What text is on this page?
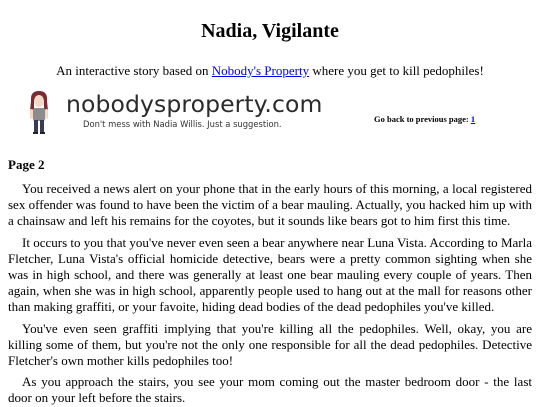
Nadia, Vigilante

An interactive story based on Nobody's Property where you get to kill pedophiles!

nobodysproperty.com
Don't mess with Nadia Willis. Just a suggestion.	Go back to previous page: 1
Page 2

You received a news alert on your phone that in the early hours of this morning, a local registered sex offender was found to have been the victim of a bear mauling. Actually, you hacked him up with a chainsaw and left his remains for the coyotes, but it sounds like bears got to him first this time.

It occurs to you that you've never even seen a bear anywhere near Luna Vista. According to Marla Fletcher, Luna Vista's official homicide detective, bears were a pretty common sighting when she was in high school, and there was generally at least one bear mauling every couple of years. Then again, when she was in high school, apparently people used to hang out at the mall for reasons other than making graffiti, or your favoite, hiding dead bodies of the dead pedophiles you've killed.

You've even seen graffiti implying that you're killing all the pedophiles. Well, okay, you are killing some of them, but you're not the only one responsible for all the dead pedophiles. Detective Fletcher's own mother kills pedophiles too!

As you approach the stairs, you see your mom coming out the master bedroom door - the last door on your left before the stairs.
